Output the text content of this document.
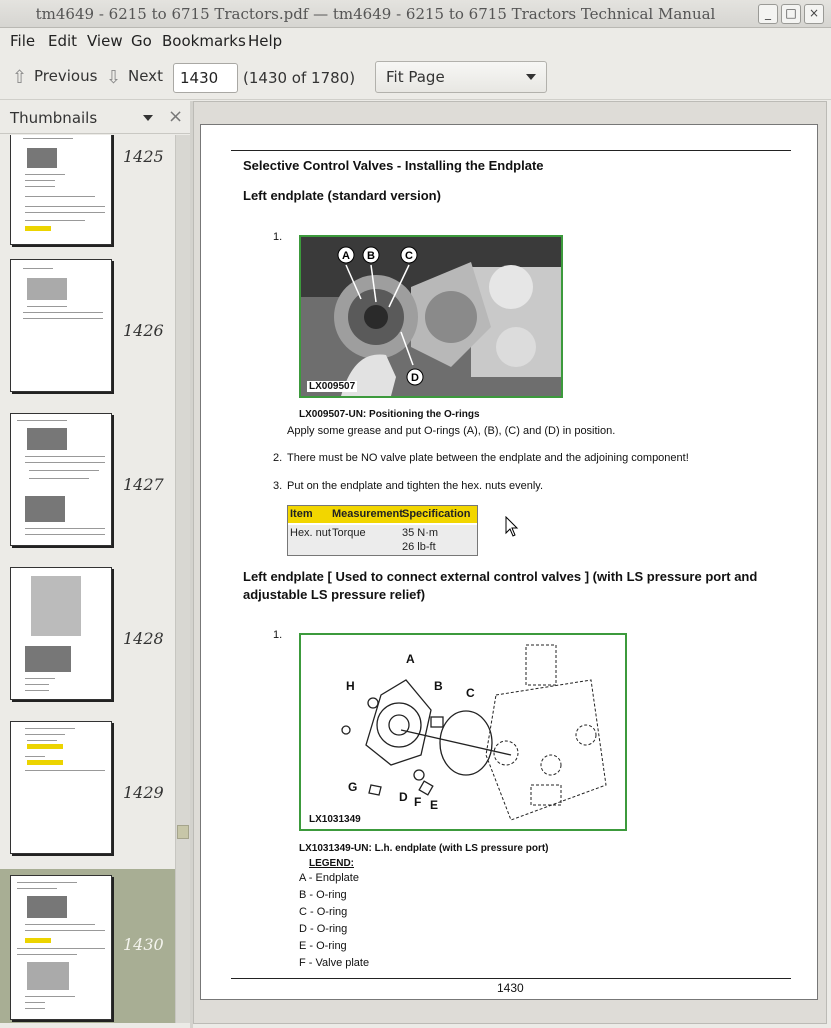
tm4649 - 6215 to 6715 Tractors.pdf — tm4649 - 6215 to 6715 Tractors Technical Manual	_	□	×
File Edit View Go Bookmarks Help
⇧ Previous ⇩ Next
1430	(1430 of 1780)	Fit Page
Thumbnails	×
1425
1426
1427
1428
1429
1430
Selective Control Valves - Installing the Endplate
Left endplate (standard version)
1.
A B	C
D
LX009507
LX009507-UN: Positioning the O-rings
Apply some grease and put O-rings (A), (B), (C) and (D) in position.
2. There must be NO valve plate between the endplate and the adjoining component!
3. Put on the endplate and tighten the hex. nuts evenly.
Item Measurement Specification
Hex. nut Torque	35 N·m
26 lb-ft
Left endplate [ Used to connect external control valves ] (with LS pressure port and
adjustable LS pressure relief)
1.
A
B C
H
G
D F E
LX1031349
LX1031349-UN: L.h. endplate (with LS pressure port)
LEGEND:
A - Endplate
B - O-ring
C - O-ring
D - O-ring
E - O-ring
F - Valve plate
1430
